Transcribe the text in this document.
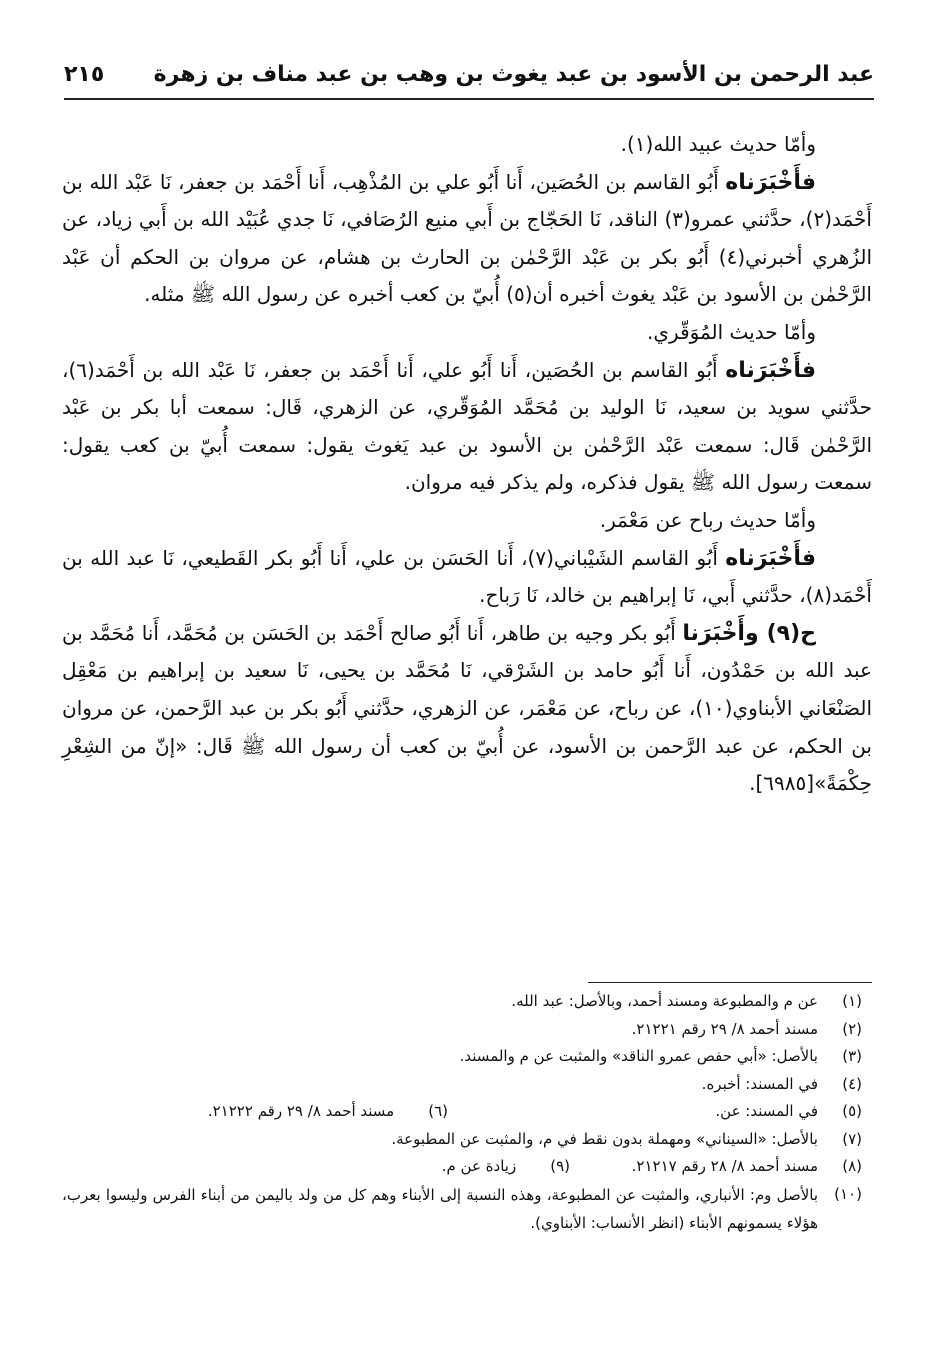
عبد الرحمن بن الأسود بن عبد يغوث بن وهب بن عبد مناف بن زهرة
٢١٥

وأمّا حديث عبيد الله(١).

فأَخْبَرَناه أَبُو القاسم بن الحُصَين، أَنا أَبُو علي بن المُذْهِب، أَنا أَحْمَد بن جعفر، نَا عَبْد الله بن أَحْمَد(٢)، حدَّثني عمرو(٣) الناقد، نَا الحَجّاج بن أَبي منيع الرُصَافي، نَا جدي عُبَيْد الله بن أَبي زياد، عن الزُهري أخبرني(٤) أَبُو بكر بن عَبْد الرَّحْمٰن بن الحارث بن هشام، عن مروان بن الحكم أن عَبْد الرَّحْمٰن بن الأسود بن عَبْد يغوث أخبره أن(٥) أُبيّ بن كعب أخبره عن رسول الله ﷺ مثله.

وأمّا حديث المُوَقّري.

فأَخْبَرَناه أَبُو القاسم بن الحُصَين، أَنا أَبُو علي، أَنا أَحْمَد بن جعفر، نَا عَبْد الله بن أَحْمَد(٦)، حدَّثني سويد بن سعيد، نَا الوليد بن مُحَمَّد المُوَقّري، عن الزهري، قَال: سمعت أبا بكر بن عَبْد الرَّحْمٰن قَال: سمعت عَبْد الرَّحْمٰن بن الأسود بن عبد يَغوث يقول: سمعت أُبيّ بن كعب يقول: سمعت رسول الله ﷺ يقول فذكره، ولم يذكر فيه مروان.

وأمّا حديث رباح عن مَعْمَر.

فأَخْبَرَناه أَبُو القاسم الشَيْباني(٧)، أَنا الحَسَن بن علي، أَنا أَبُو بكر القَطيعي، نَا عبد الله بن أَحْمَد(٨)، حدَّثني أَبي، نَا إبراهيم بن خالد، نَا رَباح.

ح(٩) وأَخْبَرَنا أَبُو بكر وجيه بن طاهر، أَنا أَبُو صالح أَحْمَد بن الحَسَن بن مُحَمَّد، أَنا مُحَمَّد بن عبد الله بن حَمْدُون، أَنا أَبُو حامد بن الشَرْقي، نَا مُحَمَّد بن يحيى، نَا سعيد بن إبراهيم بن مَعْقِل الصَنْعَاني الأبناوي(١٠)، عن رباح، عن مَعْمَر، عن الزهري، حدَّثني أَبُو بكر بن عبد الرَّحمن، عن مروان بن الحكم، عن عبد الرَّحمن بن الأسود، عن أُبيّ بن كعب أن رسول الله ﷺ قَال: «إنّ من الشِعْرِ حِكْمَةً»[٦٩٨٥].

(١)
عن م والمطبوعة ومسند أحمد، وبالأصل: عبد الله.
(٢)
مسند أحمد ٨/ ٢٩ رقم ٢١٢٢١.
(٣)
بالأصل: «أبي حفص عمرو الناقد» والمثبت عن م والمسند.
(٤)
في المسند: أخبره.
(٥)
في المسند: عن.
(٦)
مسند أحمد ٨/ ٢٩ رقم ٢١٢٢٢.
(٧)
بالأصل: «السيناني» ومهملة بدون نقط في م، والمثبت عن المطبوعة.
(٨)
مسند أحمد ٨/ ٢٨ رقم ٢١٢١٧.
(٩)
زيادة عن م.
(١٠)
بالأصل وم: الأنباري، والمثبت عن المطبوعة، وهذه النسبة إلى الأبناء وهم كل من ولد باليمن من أبناء الفرس وليسوا بعرب، هؤلاء يسمونهم الأبناء (انظر الأنساب: الأبناوي).
